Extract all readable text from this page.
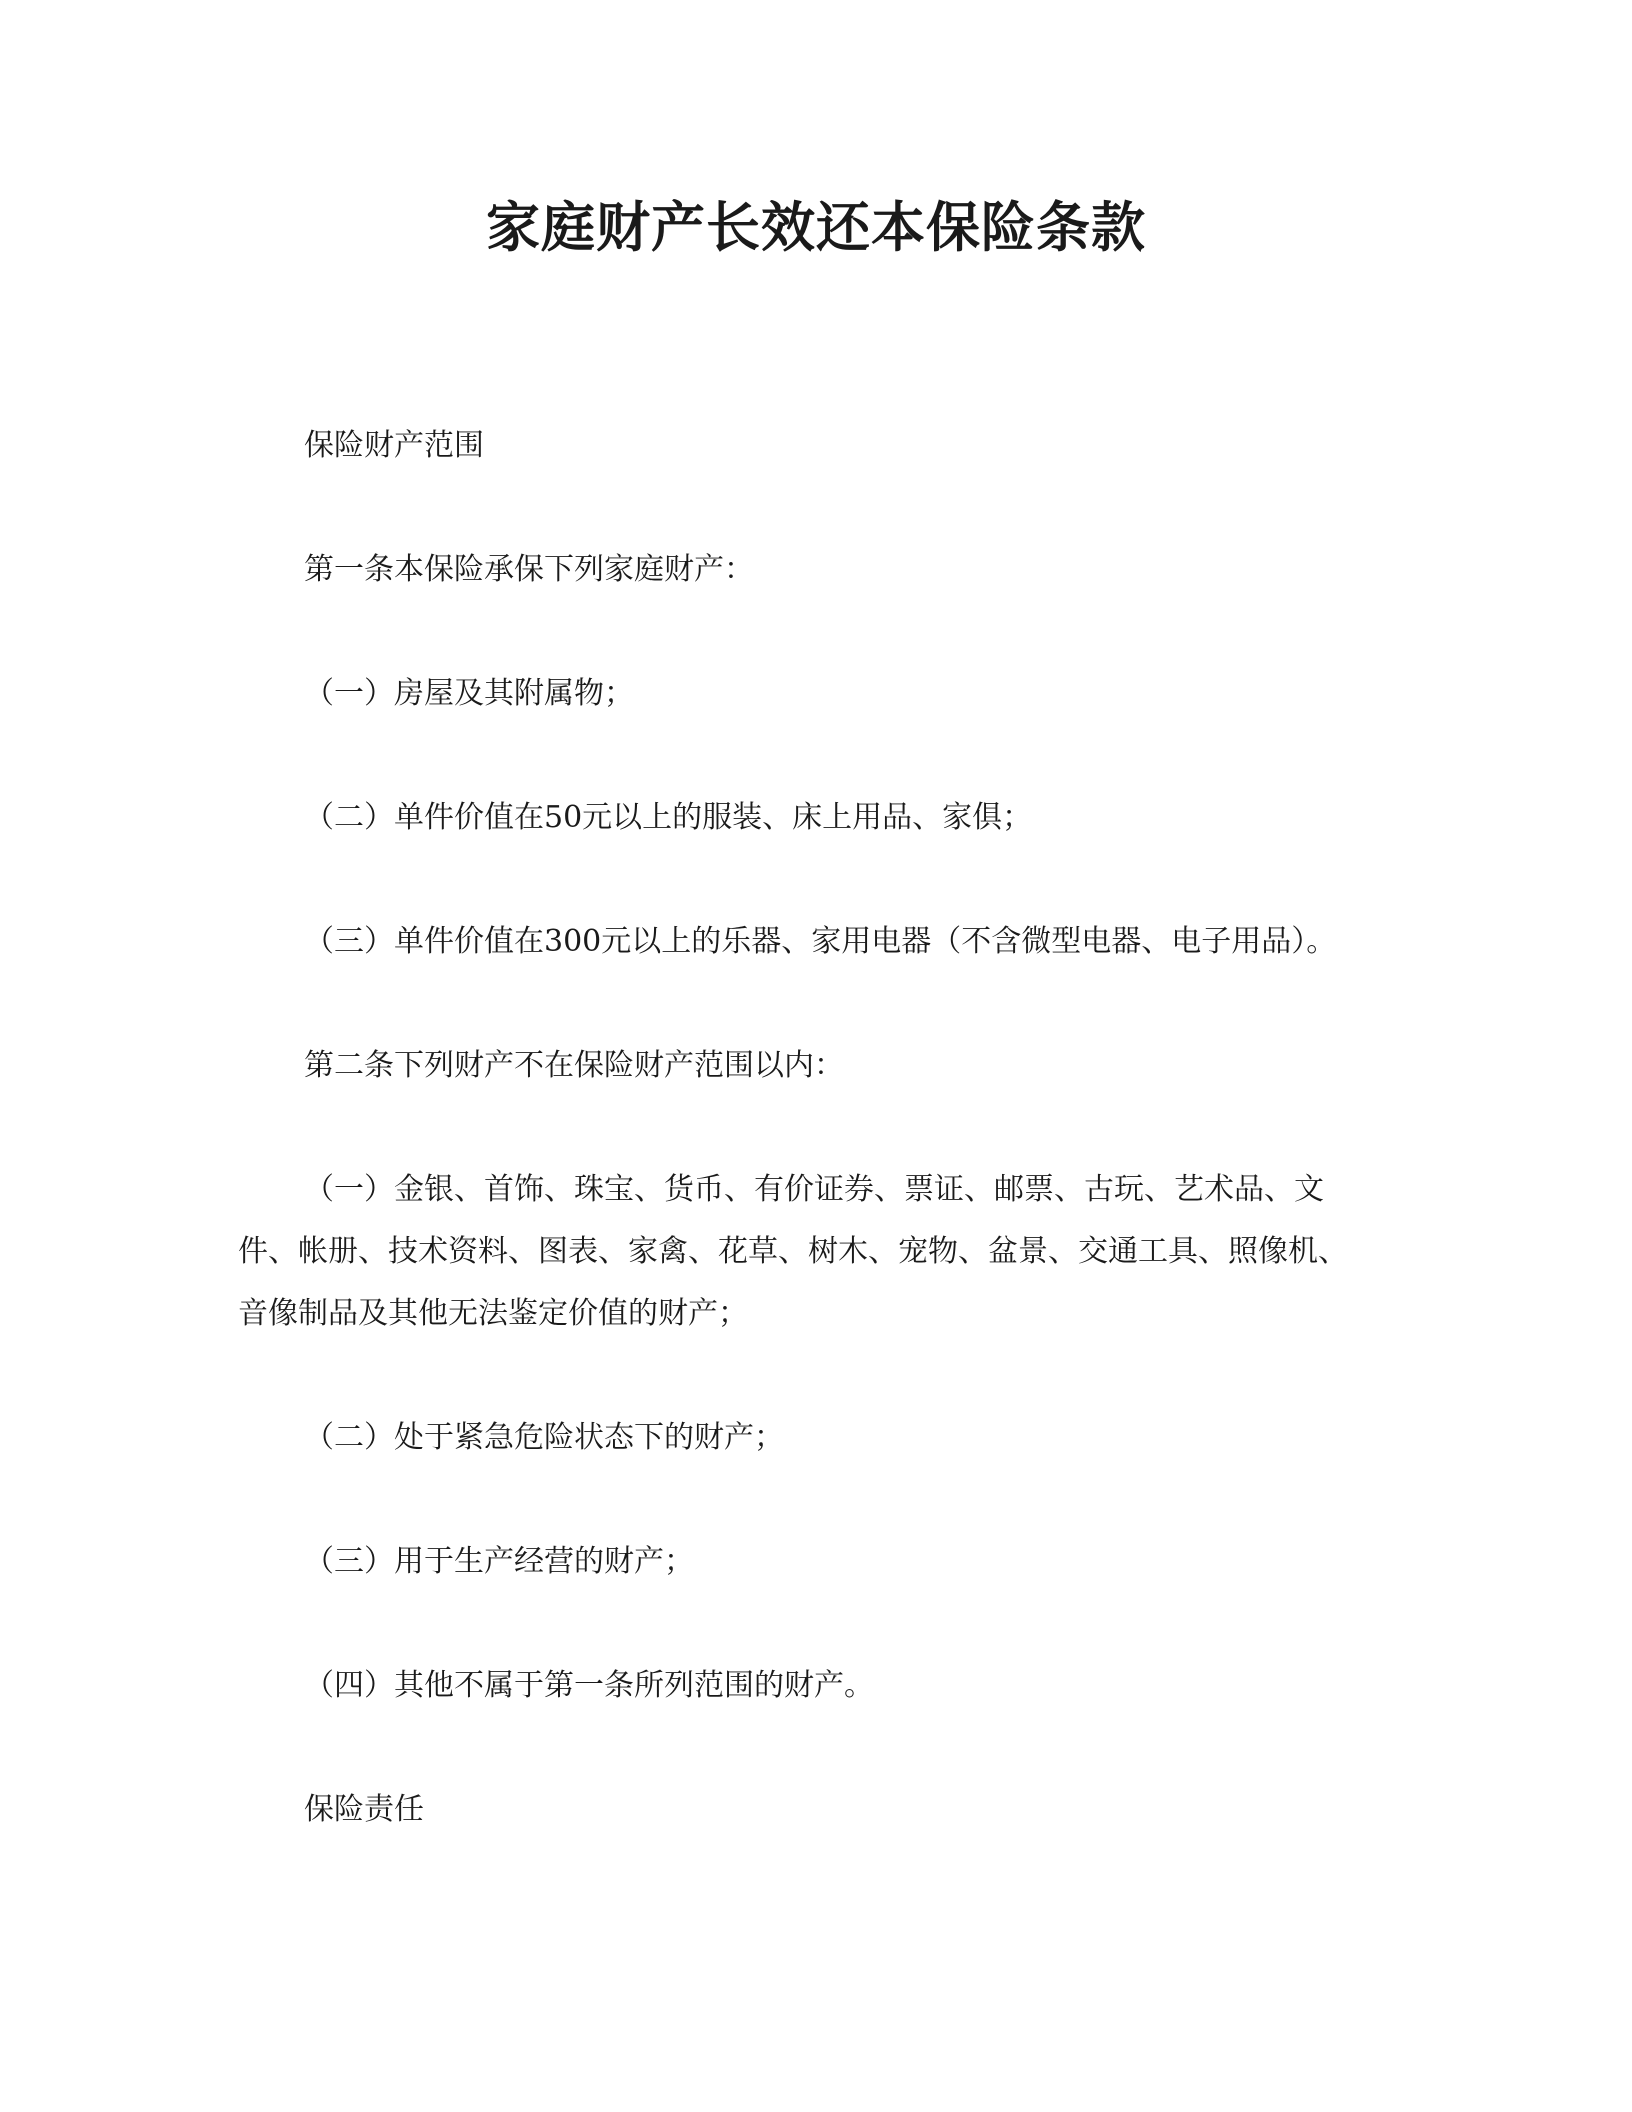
家庭财产长效还本保险条款

保险财产范围

第一条本保险承保下列家庭财产：

（一）房屋及其附属物；

（二）单件价值在50元以上的服装、床上用品、家俱；

（三）单件价值在300元以上的乐器、家用电器（不含微型电器、电子用品）。

第二条下列财产不在保险财产范围以内：

（一）金银、首饰、珠宝、货币、有价证券、票证、邮票、古玩、艺术品、文
件、帐册、技术资料、图表、家禽、花草、树木、宠物、盆景、交通工具、照像机、
音像制品及其他无法鉴定价值的财产；

（二）处于紧急危险状态下的财产；

（三）用于生产经营的财产；

（四）其他不属于第一条所列范围的财产。

保险责任
